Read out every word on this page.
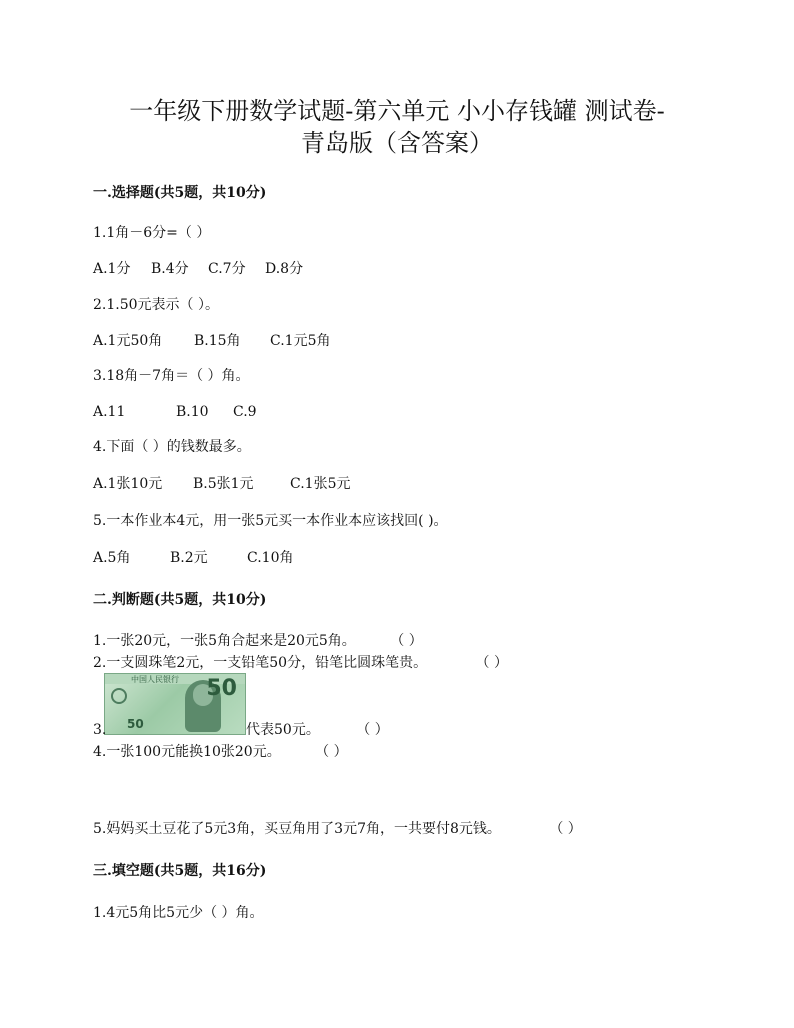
一年级下册数学试题-第六单元 小小存钱罐 测试卷-
青岛版（含答案）
一.选择题(共5题，共10分)
1.1角－6分=（ ）
A.1分 B.4分 C.7分 D.8分
2.1.50元表示（ ）。
A.1元50角 B.15角 C.1元5角
3.18角－7角＝（ ）角。
A.11	B.10 C.9
4.下面（ ）的钱数最多。
A.1张10元 B.5张1元	C.1张5元
5.一本作业本4元，用一张5元买一本作业本应该找回( )。
A.5角	B.2元	C.10角
二.判断题(共5题，共10分)
1.一张20元，一张5角合起来是20元5角。 （ ）
2.一支圆珠笔2元，一支铅笔50分，铅笔比圆珠笔贵。	（ ）
中国人民银行 50
50
3.	代表50元。	（ ）
4.一张100元能换10张20元。 （ ）
5.妈妈买土豆花了5元3角，买豆角用了3元7角，一共要付8元钱。	（ ）
三.填空题(共5题，共16分)
1.4元5角比5元少（ ）角。
